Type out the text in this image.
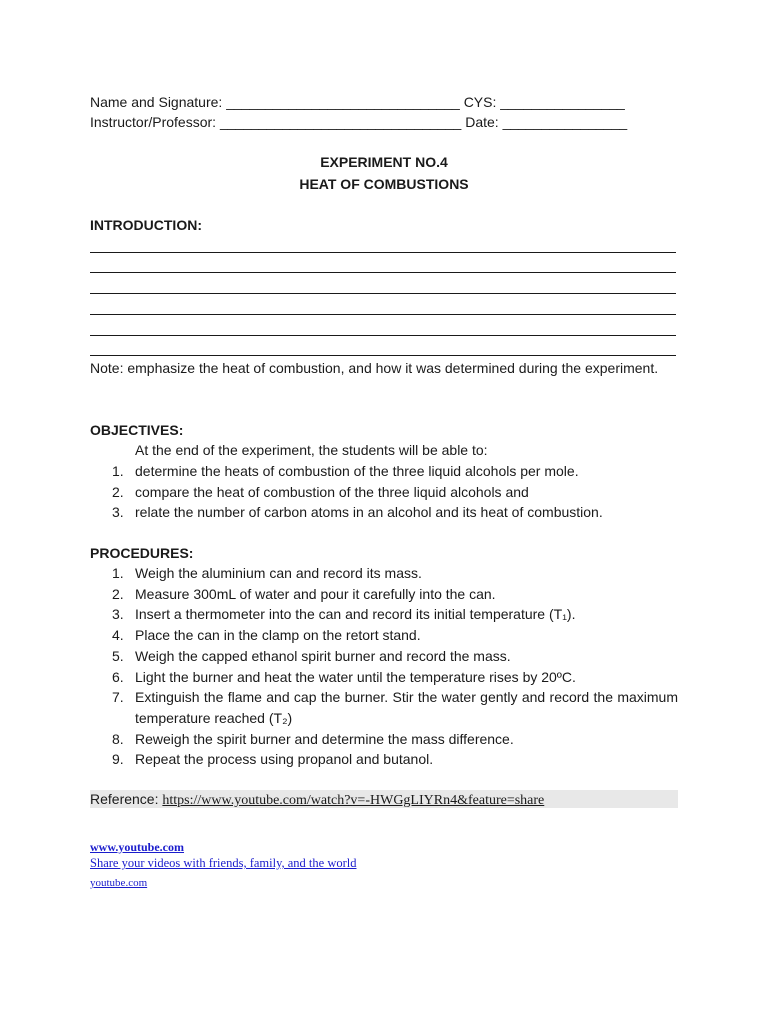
Name and Signature: ______________________________ CYS: ________________
Instructor/Professor: _______________________________ Date: ________________
EXPERIMENT NO.4
HEAT OF COMBUSTIONS
INTRODUCTION:
Note: emphasize the heat of combustion, and how it was determined during the experiment.
OBJECTIVES:
At the end of the experiment, the students will be able to:
1. determine the heats of combustion of the three liquid alcohols per mole.
2. compare the heat of combustion of the three liquid alcohols and
3. relate the number of carbon atoms in an alcohol and its heat of combustion.
PROCEDURES:
1. Weigh the aluminium can and record its mass.
2. Measure 300mL of water and pour it carefully into the can.
3. Insert a thermometer into the can and record its initial temperature (T₁).
4. Place the can in the clamp on the retort stand.
5. Weigh the capped ethanol spirit burner and record the mass.
6. Light the burner and heat the water until the temperature rises by 20ºC.
7. Extinguish the flame and cap the burner. Stir the water gently and record the maximum temperature reached (T₂)
8. Reweigh the spirit burner and determine the mass difference.
9. Repeat the process using propanol and butanol.
Reference: https://www.youtube.com/watch?v=-HWGgLIYRn4&feature=share
www.youtube.com
Share your videos with friends, family, and the world
youtube.com
